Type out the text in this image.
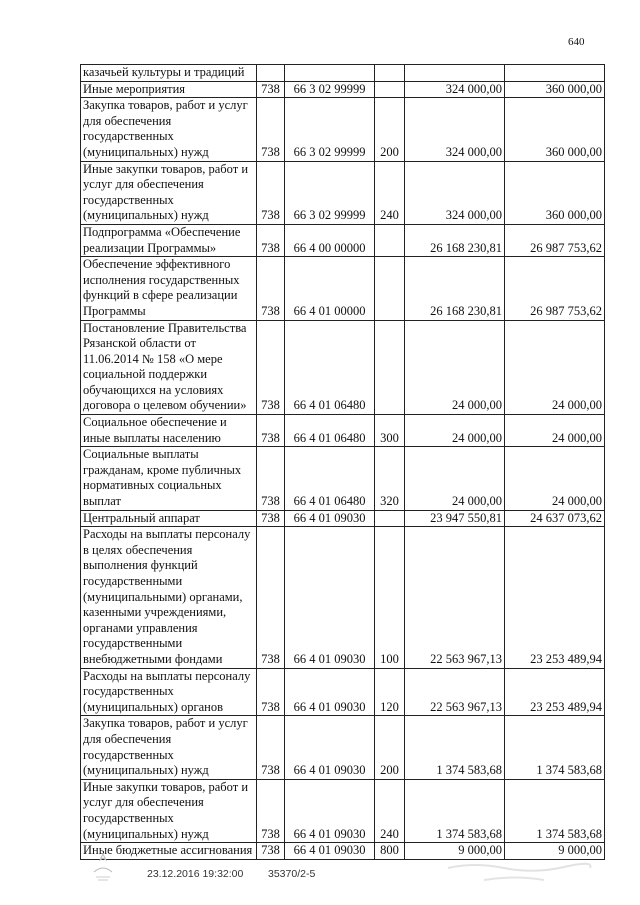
640
казачьей культуры и традиций					
Иные мероприятия	738	66 3 02 99999		324 000,00	360 000,00
Закупка товаров, работ и услуг для обеспечения государственных (муниципальных) нужд	738	66 3 02 99999	200	324 000,00	360 000,00
Иные закупки товаров, работ и услуг для обеспечения государственных (муниципальных) нужд	738	66 3 02 99999	240	324 000,00	360 000,00
Подпрограмма «Обеспечение реализации Программы»	738	66 4 00 00000		26 168 230,81	26 987 753,62
Обеспечение эффективного исполнения государственных функций в сфере реализации Программы	738	66 4 01 00000		26 168 230,81	26 987 753,62
Постановление Правительства Рязанской области от 11.06.2014 № 158 «О мере социальной поддержки обучающихся на условиях договора о целевом обучении»	738	66 4 01 06480		24 000,00	24 000,00
Социальное обеспечение и иные выплаты населению	738	66 4 01 06480	300	24 000,00	24 000,00
Социальные выплаты гражданам, кроме публичных нормативных социальных выплат	738	66 4 01 06480	320	24 000,00	24 000,00
Центральный аппарат	738	66 4 01 09030		23 947 550,81	24 637 073,62
Расходы на выплаты персоналу в целях обеспечения выполнения функций государственными (муниципальными) органами, казенными учреждениями, органами управления государственными внебюджетными фондами	738	66 4 01 09030	100	22 563 967,13	23 253 489,94
Расходы на выплаты персоналу государственных (муниципальных) органов	738	66 4 01 09030	120	22 563 967,13	23 253 489,94
Закупка товаров, работ и услуг для обеспечения государственных (муниципальных) нужд	738	66 4 01 09030	200	1 374 583,68	1 374 583,68
Иные закупки товаров, работ и услуг для обеспечения государственных (муниципальных) нужд	738	66 4 01 09030	240	1 374 583,68	1 374 583,68
Иные бюджетные ассигнования	738	66 4 01 09030	800	9 000,00	9 000,00
23.12.2016 19:32:00 35370/2-5
